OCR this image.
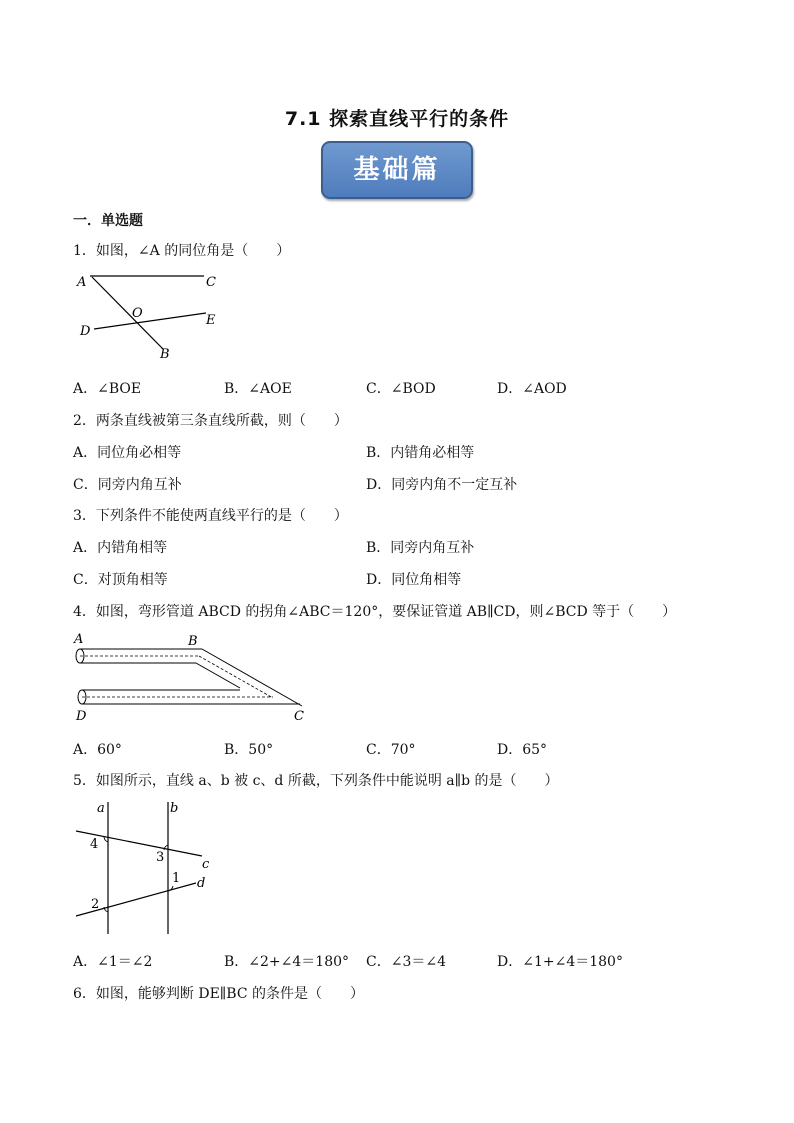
7.1 探索直线平行的条件
基础篇
一．单选题
1．如图，∠A 的同位角是（　　）
A	C
O
D
E
B
A．∠BOE	B．∠AOE	C．∠BOD	D．∠AOD
2．两条直线被第三条直线所截，则（　　）
A．同位角必相等	B．内错角必相等
C．同旁内角互补	D．同旁内角不一定互补
3．下列条件不能使两直线平行的是（　　）
A．内错角相等	B．同旁内角互补
C．对顶角相等	D．同位角相等
4．如图，弯形管道 ABCD 的拐角∠ABC＝120°，要保证管道 AB∥CD，则∠BCD 等于（　　）
A	B
D	C
A．60°	B．50°	C．70°	D．65°
5．如图所示，直线 a、b 被 c、d 所截，下列条件中能说明 a∥b 的是（　　）
a	b
c
d
1
2
3
4
A．∠1＝∠2	B．∠2+∠4＝180° C．∠3＝∠4	D．∠1+∠4＝180°
6．如图，能够判断 DE∥BC 的条件是（　　）
